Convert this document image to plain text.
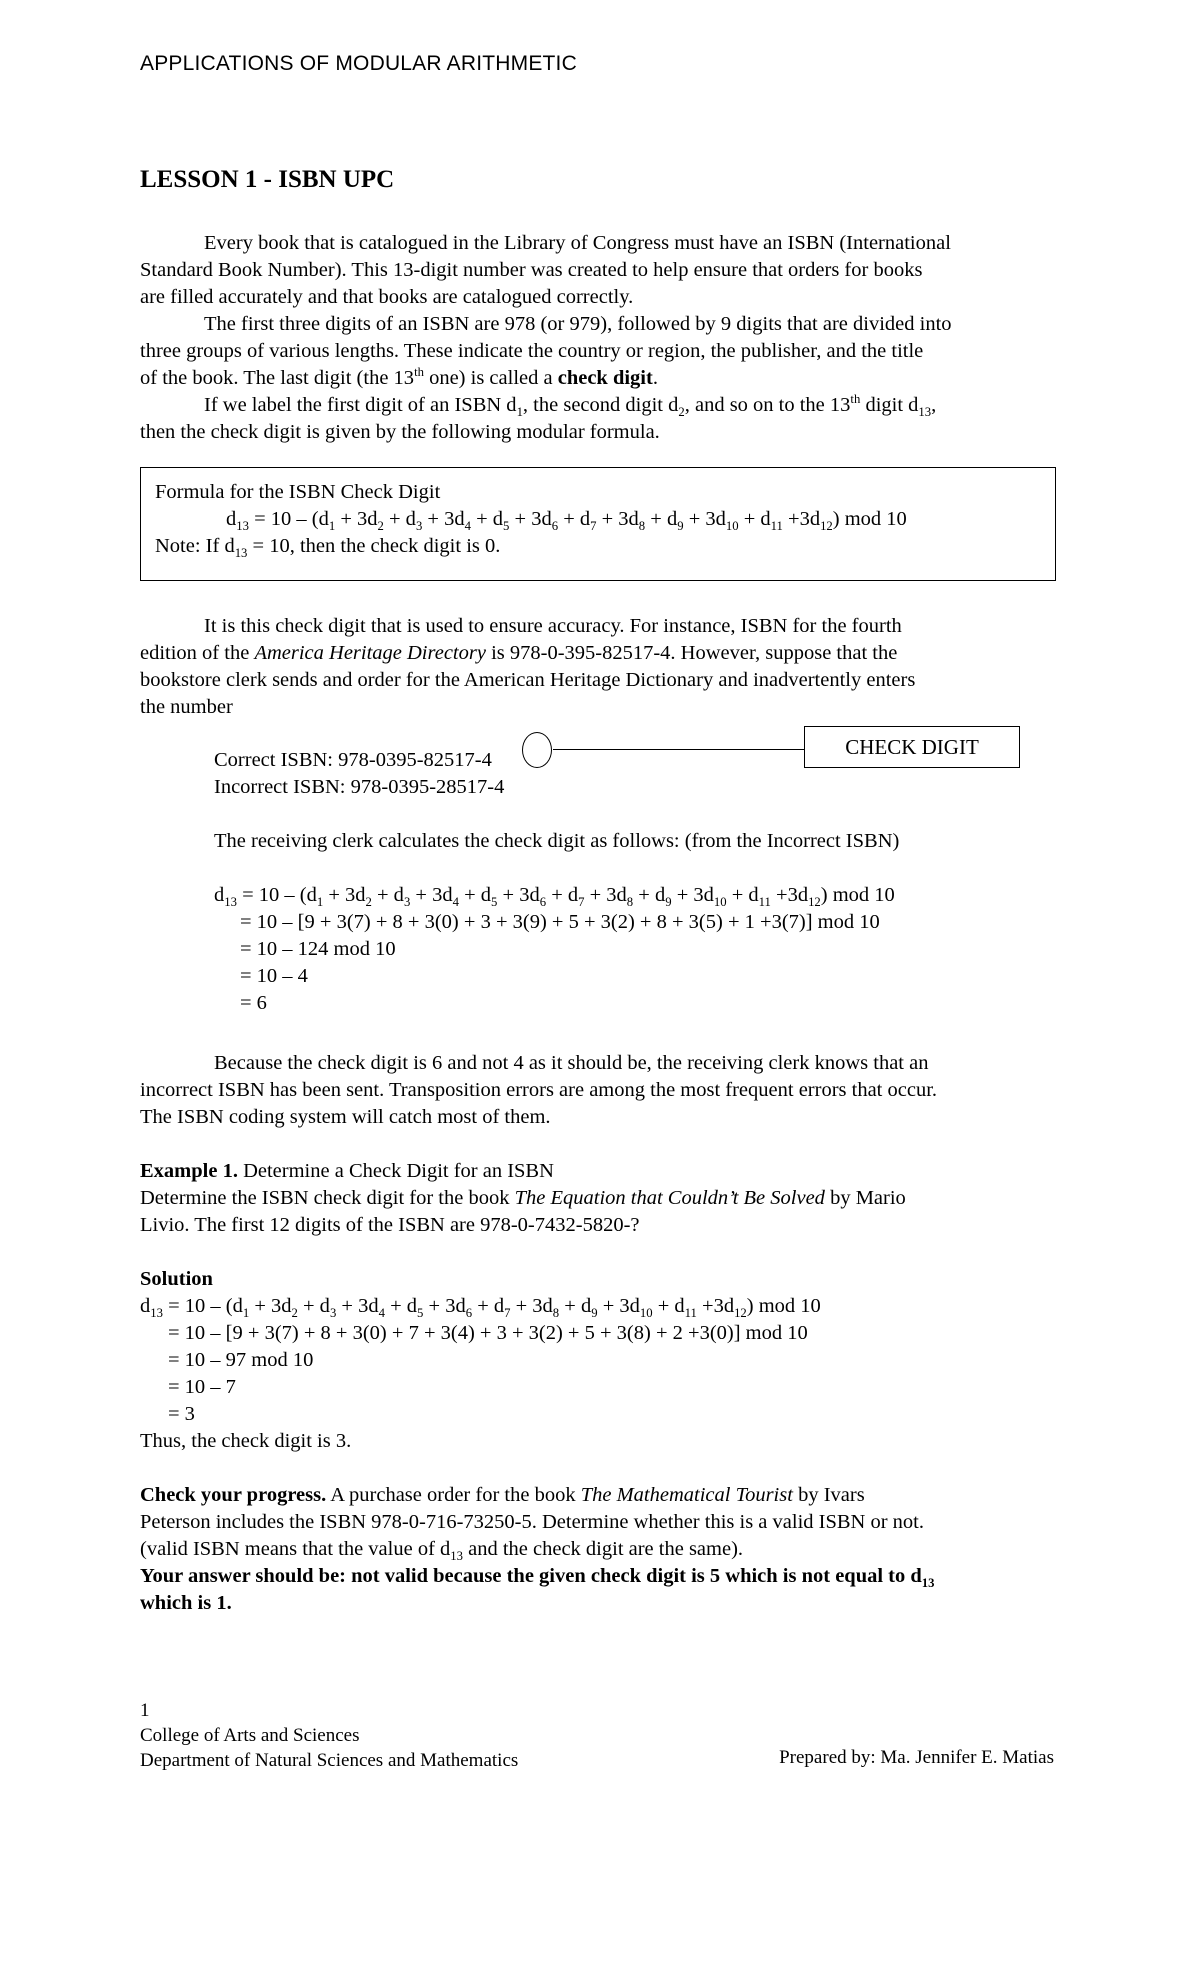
APPLICATIONS OF MODULAR ARITHMETIC
LESSON 1 - ISBN UPC
Every book that is catalogued in the Library of Congress must have an ISBN (International
Standard Book Number). This 13-digit number was created to help ensure that orders for books
are filled accurately and that books are catalogued correctly.
The first three digits of an ISBN are 978 (or 979), followed by 9 digits that are divided into
three groups of various lengths. These indicate the country or region, the publisher, and the title
of the book. The last digit (the 13th one) is called a check digit.
If we label the first digit of an ISBN $d_1$, the second digit $d_2$, and so on to the 13th digit $d_{13}$,
then the check digit is given by the following modular formula.
Formula for the ISBN Check Digit
$d_{13} = 10 - (d_1 + 3d_2 + d_3 + 3d_4 + d_5 + 3d_6 + d_7 + 3d_8 + d_9 + 3d_{10} + d_{11} +3d_{12})$ mod 10
Note: If $d_{13} = 10$, then the check digit is 0.
It is this check digit that is used to ensure accuracy. For instance, ISBN for the fourth
edition of the America Heritage Directory is 978-0-395-82517-4. However, suppose that the
bookstore clerk sends and order for the American Heritage Dictionary and inadvertently enters
the number
Correct ISBN: 978-0395-82517-4
Incorrect ISBN: 978-0395-28517-4
CHECK DIGIT
The receiving clerk calculates the check digit as follows: (from the Incorrect ISBN)
$d_{13} = 10 - (d_1 + 3d_2 + d_3 + 3d_4 + d_5 + 3d_6 + d_7 + 3d_8 + d_9 + 3d_{10} + d_{11} +3d_{12})$ mod 10
= 10 – [9 + 3(7) + 8 + 3(0) + 3 + 3(9) + 5 + 3(2) + 8 + 3(5) + 1 +3(7)] mod 10
= 10 – 124 mod 10
= 10 – 4
= 6
Because the check digit is 6 and not 4 as it should be, the receiving clerk knows that an
incorrect ISBN has been sent. Transposition errors are among the most frequent errors that occur.
The ISBN coding system will catch most of them.
Example 1. Determine a Check Digit for an ISBN
Determine the ISBN check digit for the book The Equation that Couldn’t Be Solved by Mario
Livio. The first 12 digits of the ISBN are 978-0-7432-5820-?
Solution
$d_{13} = 10 - (d_1 + 3d_2 + d_3 + 3d_4 + d_5 + 3d_6 + d_7 + 3d_8 + d_9 + 3d_{10} + d_{11} +3d_{12})$ mod 10
= 10 – [9 + 3(7) + 8 + 3(0) + 7 + 3(4) + 3 + 3(2) + 5 + 3(8) + 2 +3(0)] mod 10
= 10 – 97 mod 10
= 10 – 7
= 3
Thus, the check digit is 3.
Check your progress. A purchase order for the book The Mathematical Tourist by Ivars
Peterson includes the ISBN 978-0-716-73250-5. Determine whether this is a valid ISBN or not.
(valid ISBN means that the value of $d_{13}$ and the check digit are the same).
Your answer should be: not valid because the given check digit is 5 which is not equal to $d_{13}$
which is 1.
1
College of Arts and Sciences
Department of Natural Sciences and Mathematics	Prepared by: Ma. Jennifer E. Matias
